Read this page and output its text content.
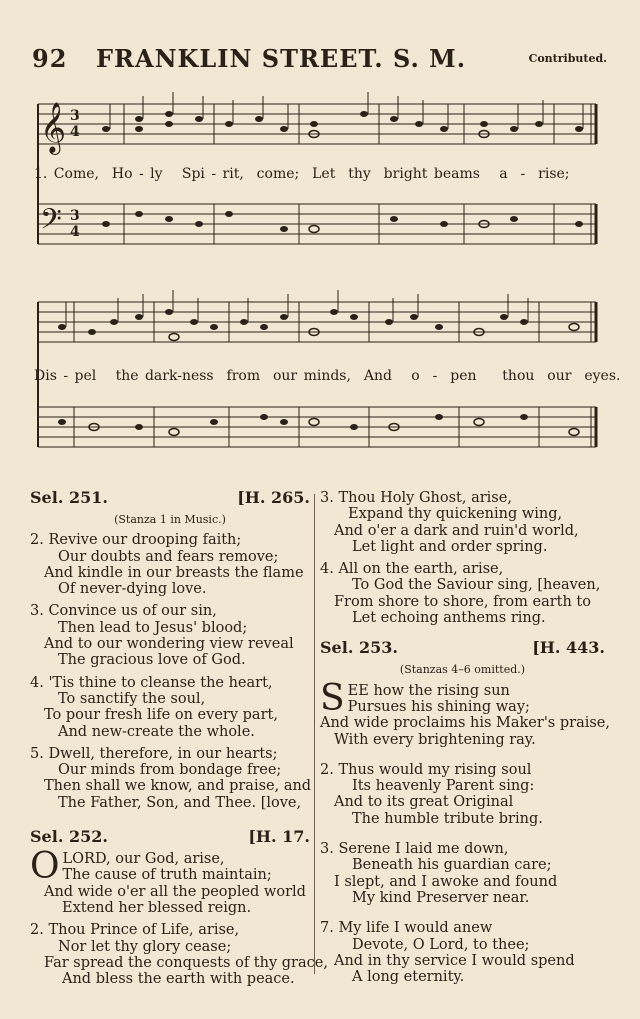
92 FRANKLIN STREET. S. M.	Contributed.
𝄞 3
4
𝄢 3
4
1. Come,  Ho - ly   Spi - rit,  come;  Let  thy  bright beams   a  -  rise;
Dis - pel   the dark-ness  from  our minds,  And   o  -  pen    thou  our  eyes.
Sel. 251.	[H. 265.
(Stanza 1 in Music.)
2. Revive our drooping faith;
Our doubts and fears remove;
And kindle in our breasts the flame
Of never-dying love.
3. Convince us of our sin,
Then lead to Jesus' blood;
And to our wondering view reveal
The gracious love of God.
4. 'Tis thine to cleanse the heart,
To sanctify the soul,
To pour fresh life on every part,
And new-create the whole.
5. Dwell, therefore, in our hearts;
Our minds from bondage free;
Then shall we know, and praise, and
The Father, Son, and Thee. [love,
Sel. 252.	[H. 17.
O LORD, our God, arise,
The cause of truth maintain;
And wide o'er all the peopled world
Extend her blessed reign.
2. Thou Prince of Life, arise,
Nor let thy glory cease;
Far spread the conquests of thy grace,
And bless the earth with peace.
3. Thou Holy Ghost, arise,
Expand thy quickening wing,
And o'er a dark and ruin'd world,
Let light and order spring.
4. All on the earth, arise,
To God the Saviour sing, [heaven,
From shore to shore, from earth to
Let echoing anthems ring.
Sel. 253.	[H. 443.
(Stanzas 4–6 omitted.)
S EE how the rising sun
Pursues his shining way;
And wide proclaims his Maker's praise,
With every brightening ray.
2. Thus would my rising soul
Its heavenly Parent sing:
And to its great Original
The humble tribute bring.
3. Serene I laid me down,
Beneath his guardian care;
I slept, and I awoke and found
My kind Preserver near.
7. My life I would anew
Devote, O Lord, to thee;
And in thy service I would spend
A long eternity.
